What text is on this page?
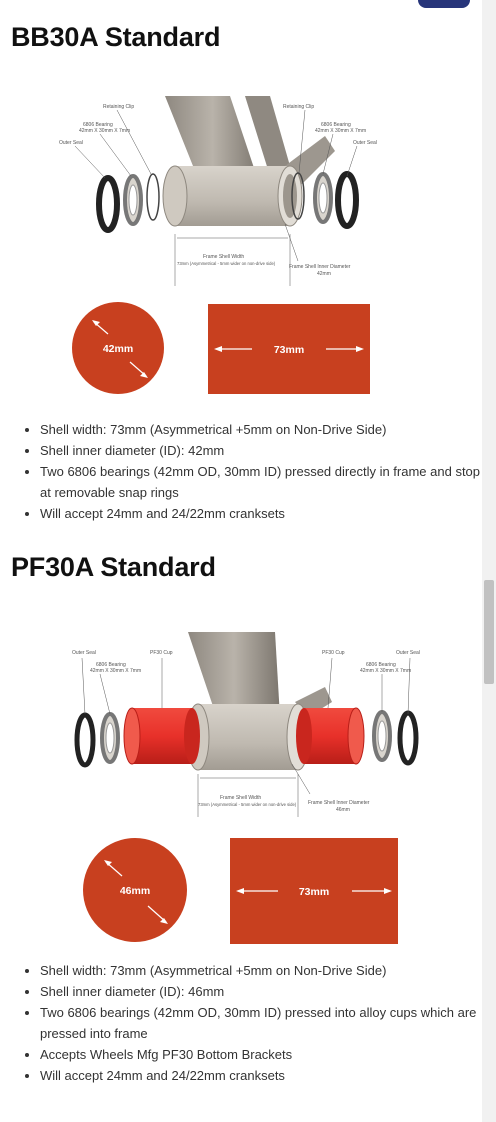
BB30A Standard
Retaining Clip
6806 Bearing
42mm X 30mm X 7mm
Outer Seal
Retaining Clip
6806 Bearing
42mm X 30mm X 7mm
Outer Seal
Frame Shell Width
73mm (Asymmetrical - 5mm wider on non-drive side)
Frame Shell Inner Diameter
42mm
42mm	73mm
• Shell width: 73mm (Asymmetrical +5mm on Non-Drive Side)
• Shell inner diameter (ID): 42mm
• Two 6806 bearings (42mm OD, 30mm ID) pressed directly in frame and stop at removable snap rings
• Will accept 24mm and 24/22mm cranksets
PF30A Standard
Outer Seal
6806 Bearing
42mm X 30mm X 7mm
PF30 Cup	PF30 Cup
6806 Bearing
42mm X 30mm X 7mm
Outer Seal
Frame Shell Width
73mm (Asymmetrical - 5mm wider on non-drive side) Frame Shell Inner Diameter
46mm
46mm	73mm
• Shell width: 73mm (Asymmetrical +5mm on Non-Drive Side)
• Shell inner diameter (ID): 46mm
• Two 6806 bearings (42mm OD, 30mm ID) pressed into alloy cups which are pressed into frame
• Accepts Wheels Mfg PF30 Bottom Brackets
• Will accept 24mm and 24/22mm cranksets
